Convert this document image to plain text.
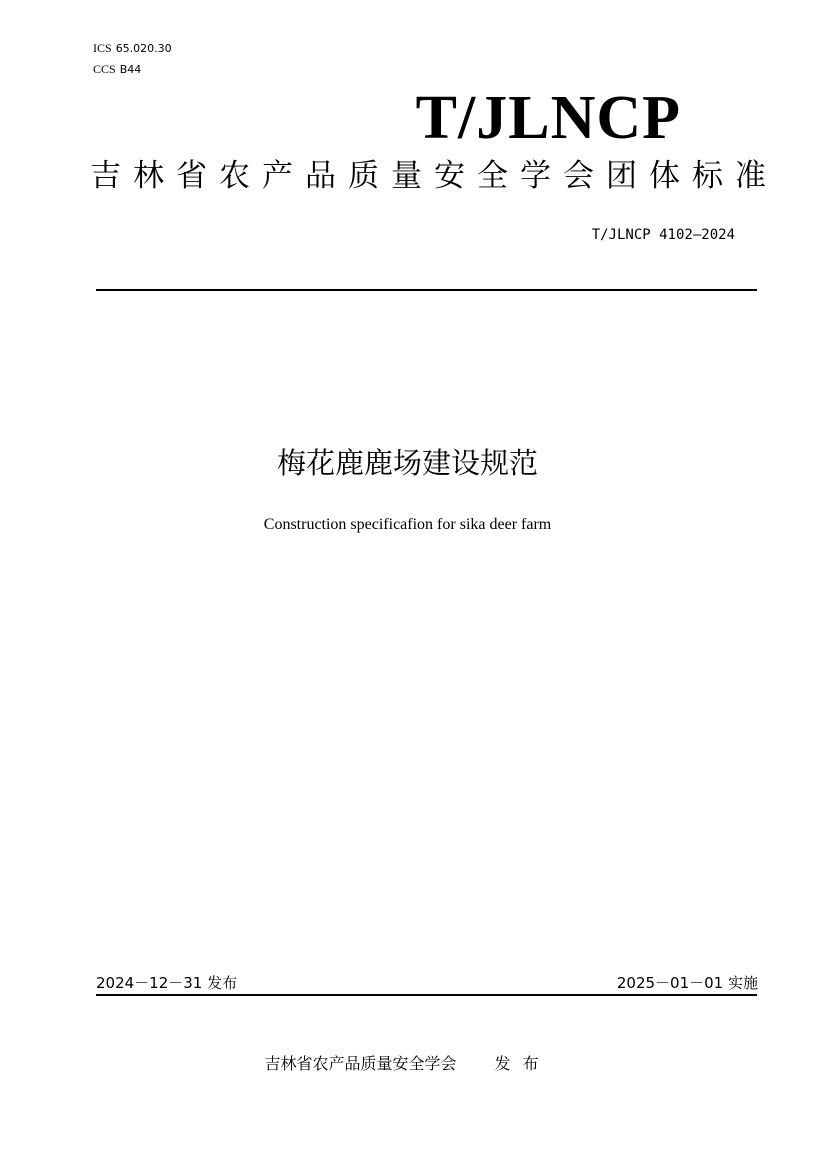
ICS 65.020.30
CCS B44
T/JLNCP
吉林省农产品质量安全学会团体标准
T/JLNCP 4102—2024
梅花鹿鹿场建设规范
Construction specificafion for sika deer farm
2024－12－31 发布	2025－01－01 实施
吉林省农产品质量安全学会 发布
